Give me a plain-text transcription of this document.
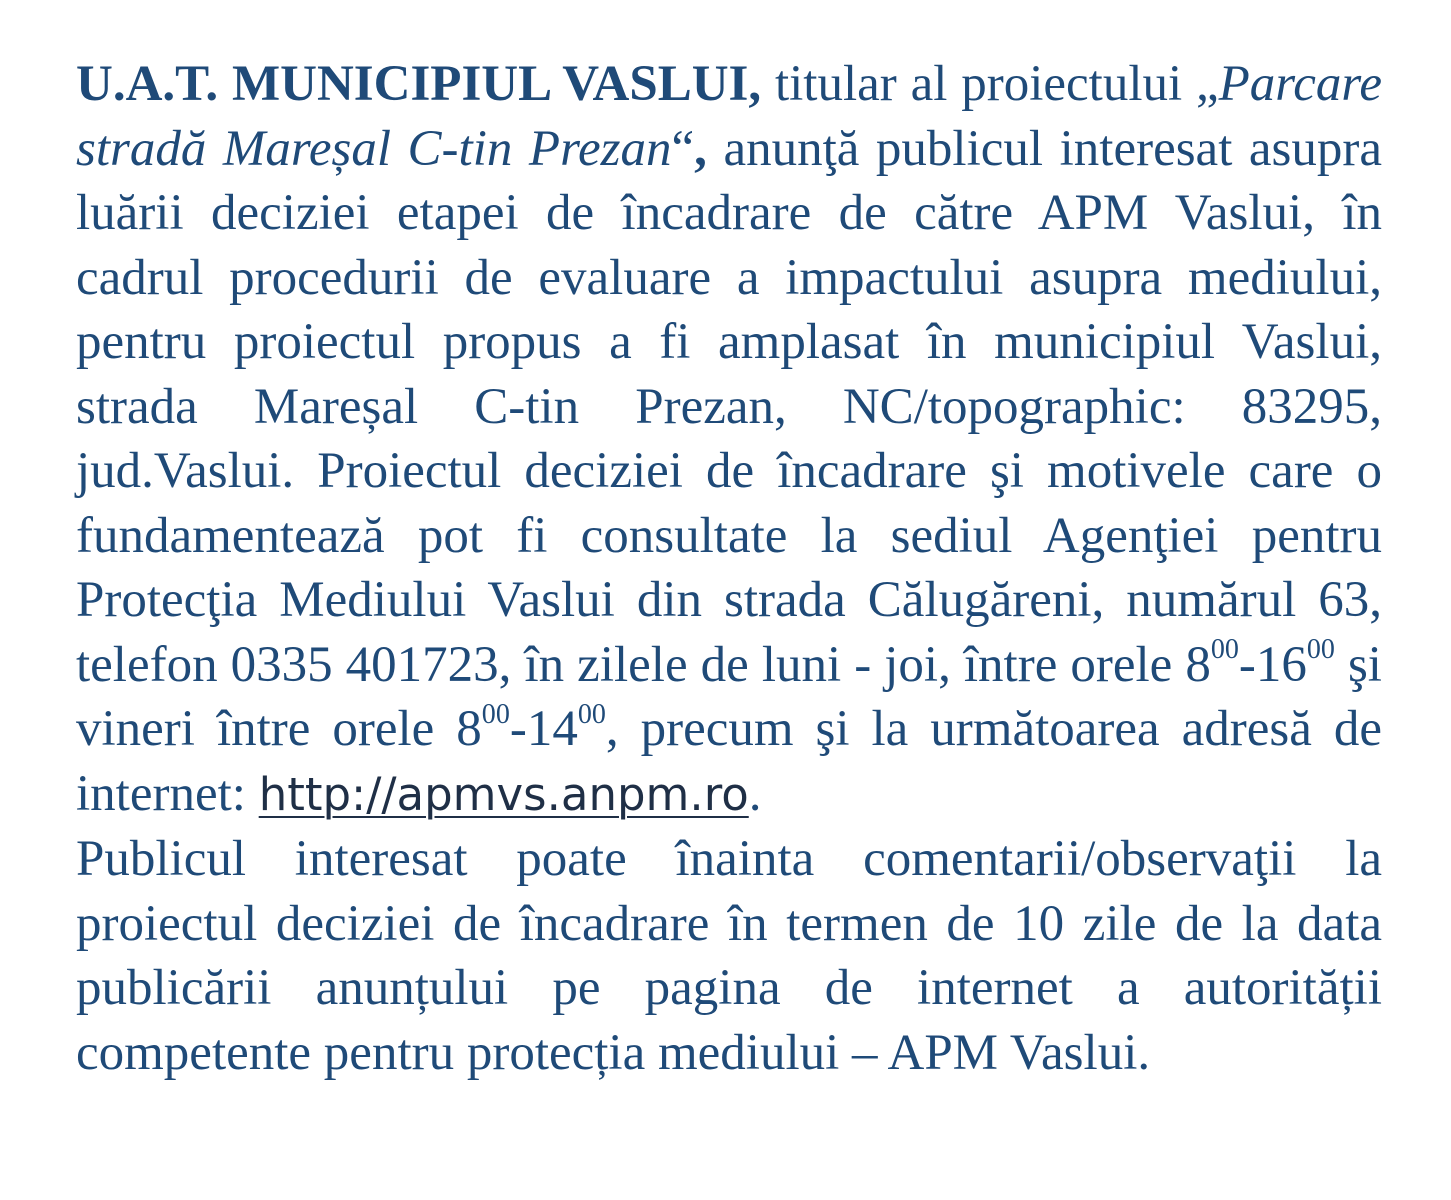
U.A.T. MUNICIPIUL VASLUI, titular al proiectului „Parcare stradă Mareșal C-tin Prezan“, anunţă publicul interesat asupra luării deciziei etapei de încadrare de către APM Vaslui, în cadrul procedurii de evaluare a impactului asupra mediului, pentru proiectul propus a fi amplasat în municipiul Vaslui, strada Mareșal C-tin Prezan, NC/topographic: 83295, jud.Vaslui. Proiectul deciziei de încadrare şi motivele care o fundamentează pot fi consultate la sediul Agenţiei pentru Protecţia Mediului Vaslui din strada Călugăreni, numărul 63, telefon 0335 401723, în zilele de luni - joi, între orele $8^{00}-16^{00}$ şi vineri între orele $8^{00}-14^{00}$, precum şi la următoarea adresă de internet: http://apmvs.anpm.ro.

Publicul interesat poate înainta comentarii/observaţii la proiectul deciziei de încadrare în termen de 10 zile de la data publicării anunțului pe pagina de internet a autorității competente pentru protecția mediului – APM Vaslui.
